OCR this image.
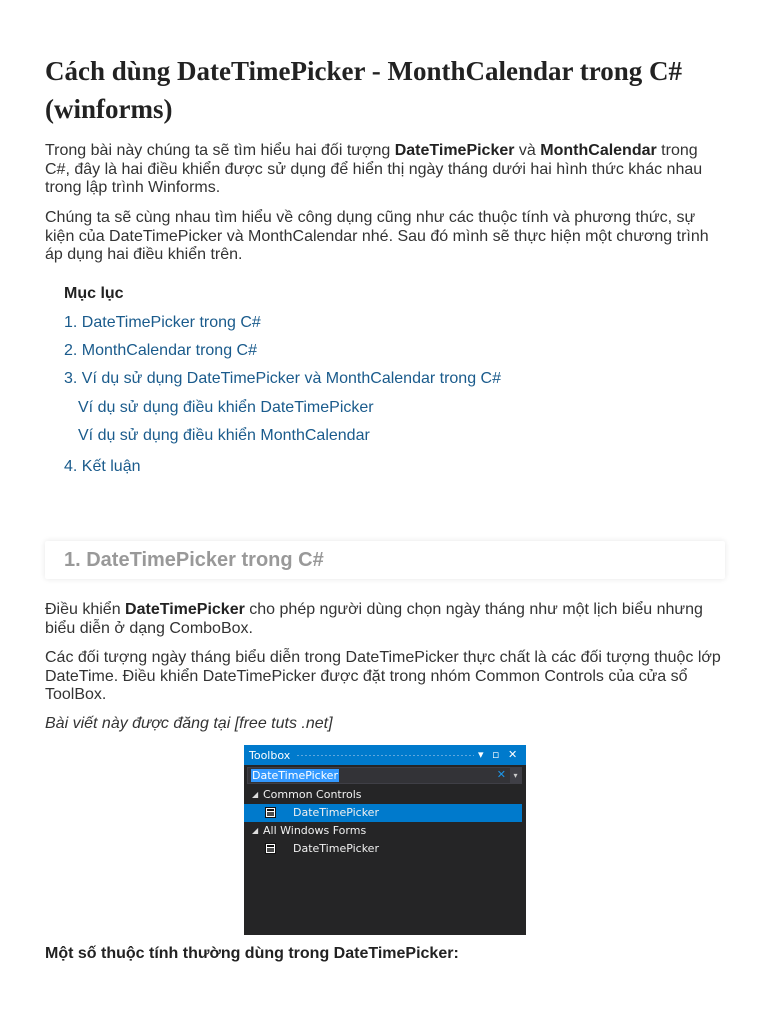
Cách dùng DateTimePicker - MonthCalendar trong C# (winforms)

Trong bài này chúng ta sẽ tìm hiểu hai đối tượng DateTimePicker và MonthCalendar trong C#, đây là hai điều khiển được sử dụng để hiển thị ngày tháng dưới hai hình thức khác nhau trong lập trình Winforms.

Chúng ta sẽ cùng nhau tìm hiểu về công dụng cũng như các thuộc tính và phương thức, sự kiện của DateTimePicker và MonthCalendar nhé. Sau đó mình sẽ thực hiện một chương trình áp dụng hai điều khiển trên.

Mục lục

1. DateTimePicker trong C#
2. MonthCalendar trong C#
3. Ví dụ sử dụng DateTimePicker và MonthCalendar trong C#
Ví dụ sử dụng điều khiển DateTimePicker
Ví dụ sử dụng điều khiển MonthCalendar
4. Kết luận
1. DateTimePicker trong C#

Điều khiển DateTimePicker cho phép người dùng chọn ngày tháng như một lịch biểu nhưng biểu diễn ở dạng ComboBox.

Các đối tượng ngày tháng biểu diễn trong DateTimePicker thực chất là các đối tượng thuộc lớp DateTime. Điều khiển DateTimePicker được đặt trong nhóm Common Controls của cửa sổ ToolBox.

Bài viết này được đăng tại [free tuts .net]

Toolbox	▾ ▫ ✕
DateTimePicker	✕ ▾
◢ Common Controls
DateTimePicker
◢ All Windows Forms
DateTimePicker

Một số thuộc tính thường dùng trong DateTimePicker:
